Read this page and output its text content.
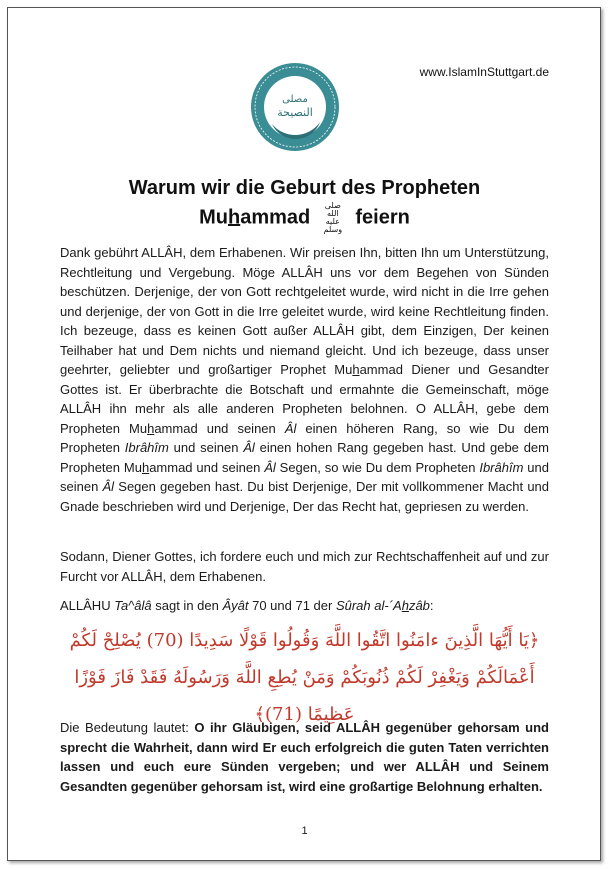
www.IslamInStuttgart.de
مصلى
النصيحة
Warum wir die Geburt des Propheten
Muhammad صلى الله
عليه وسلم feiern
Dank gebührt ALLÂH, dem Erhabenen. Wir preisen Ihn, bitten Ihn um Unterstützung, Rechtleitung und Vergebung. Möge ALLÂH uns vor dem Begehen von Sünden beschützen. Derjenige, der von Gott rechtgeleitet wurde, wird nicht in die Irre gehen und derjenige, der von Gott in die Irre geleitet wurde, wird keine Rechtleitung finden. Ich bezeuge, dass es keinen Gott außer ALLÂH gibt, dem Einzigen, Der keinen Teilhaber hat und Dem nichts und niemand gleicht. Und ich bezeuge, dass unser geehrter, geliebter und großartiger Prophet Muhammad Diener und Gesandter Gottes ist. Er überbrachte die Botschaft und ermahnte die Gemeinschaft, möge ALLÂH ihn mehr als alle anderen Propheten belohnen. O ALLÂH, gebe dem Propheten Muhammad und seinen Âl einen höheren Rang, so wie Du dem Propheten Ibrâhîm und seinen Âl einen hohen Rang gegeben hast. Und gebe dem Propheten Muhammad und seinen Âl Segen, so wie Du dem Propheten Ibrâhîm und seinen Âl Segen gegeben hast. Du bist Derjenige, Der mit vollkommener Macht und Gnade beschrieben wird und Derjenige, Der das Recht hat, gepriesen zu werden.
Sodann, Diener Gottes, ich fordere euch und mich zur Rechtschaffenheit auf und zur Furcht vor ALLÂH, dem Erhabenen.
ALLÂHU Ta^âlâ sagt in den Âyât 70 und 71 der Sûrah al-´Ahzâb:
﴿يَا أَيُّهَا الَّذِينَ ءامَنُوا اتَّقُوا اللَّهَ وَقُولُوا قَوْلًا سَدِيدًا (70) يُصْلِحْ لَكُمْ أَعْمَالَكُمْ وَيَغْفِرْ لَكُمْ ذُنُوبَكُمْ وَمَنْ يُطِعِ اللَّهَ وَرَسُولَهُ فَقَدْ فَازَ فَوْزًا عَظِيمًا (71)﴾
Die Bedeutung lautet: O ihr Gläubigen, seid ALLÂH gegenüber gehorsam und sprecht die Wahrheit, dann wird Er euch erfolgreich die guten Taten verrichten lassen und euch eure Sünden vergeben; und wer ALLÂH und Seinem Gesandten gegenüber gehorsam ist, wird eine großartige Belohnung erhalten.
1
